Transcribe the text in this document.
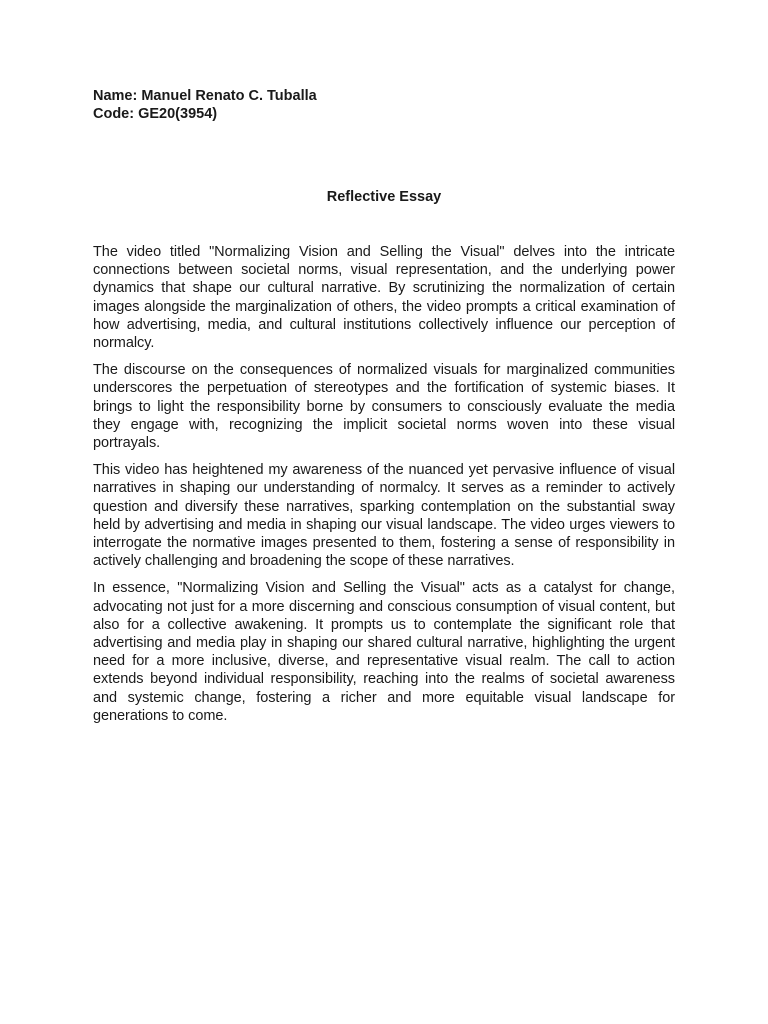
Name: Manuel Renato C. Tuballa
Code: GE20(3954)
Reflective Essay

The video titled "Normalizing Vision and Selling the Visual" delves into the intricate connections between societal norms, visual representation, and the underlying power dynamics that shape our cultural narrative. By scrutinizing the normalization of certain images alongside the marginalization of others, the video prompts a critical examination of how advertising, media, and cultural institutions collectively influence our perception of normalcy.

The discourse on the consequences of normalized visuals for marginalized communities underscores the perpetuation of stereotypes and the fortification of systemic biases. It brings to light the responsibility borne by consumers to consciously evaluate the media they engage with, recognizing the implicit societal norms woven into these visual portrayals.

This video has heightened my awareness of the nuanced yet pervasive influence of visual narratives in shaping our understanding of normalcy. It serves as a reminder to actively question and diversify these narratives, sparking contemplation on the substantial sway held by advertising and media in shaping our visual landscape. The video urges viewers to interrogate the normative images presented to them, fostering a sense of responsibility in actively challenging and broadening the scope of these narratives.

In essence, "Normalizing Vision and Selling the Visual" acts as a catalyst for change, advocating not just for a more discerning and conscious consumption of visual content, but also for a collective awakening. It prompts us to contemplate the significant role that advertising and media play in shaping our shared cultural narrative, highlighting the urgent need for a more inclusive, diverse, and representative visual realm. The call to action extends beyond individual responsibility, reaching into the realms of societal awareness and systemic change, fostering a richer and more equitable visual landscape for generations to come.
